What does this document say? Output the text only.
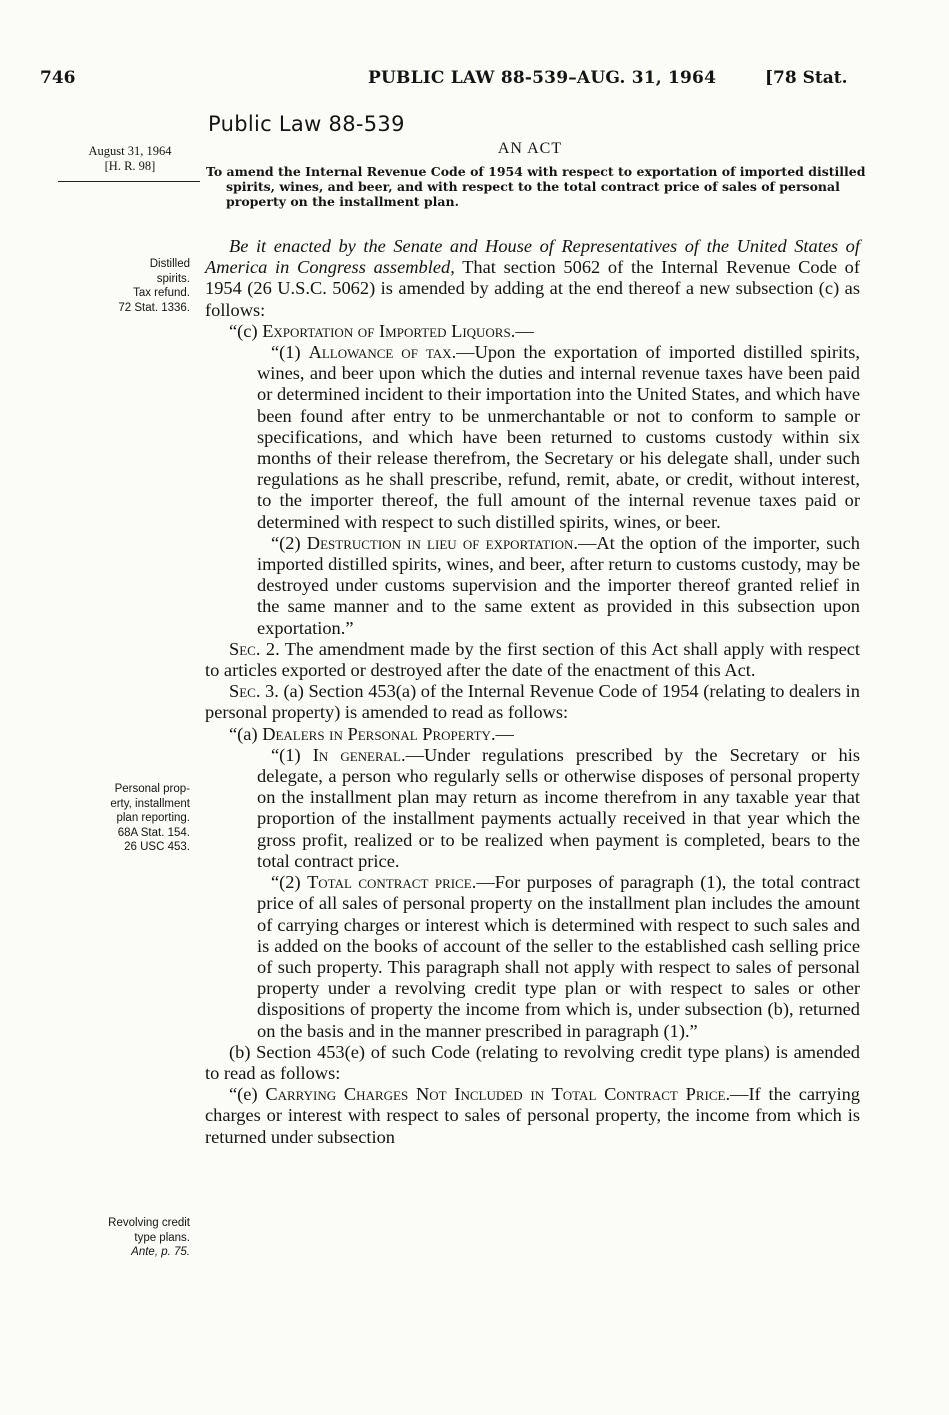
746	PUBLIC LAW 88-539–AUG. 31, 1964	[78 Stat.
Public Law 88-539
AN ACT
August 31, 1964
[H. R. 98]	To amend the Internal Revenue Code of 1954 with respect to exportation of imported distilled spirits, wines, and beer, and with respect to the total contract price of sales of personal property on the installment plan.
Distilled
spirits.
Tax refund.
72 Stat. 1336.
Personal prop-
erty, installment
plan reporting.
68A Stat. 154.
26 USC 453.
Revolving credit
type plans.
Ante, p. 75.

Be it enacted by the Senate and House of Representatives of the United States of America in Congress assembled, That section 5062 of the Internal Revenue Code of 1954 (26 U.S.C. 5062) is amended by adding at the end thereof a new subsection (c) as follows:

“(c) Exportation of Imported Liquors.—

“(1) Allowance of tax.—Upon the exportation of imported distilled spirits, wines, and beer upon which the duties and internal revenue taxes have been paid or determined incident to their importation into the United States, and which have been found after entry to be unmerchantable or not to conform to sample or specifications, and which have been returned to customs custody within six months of their release therefrom, the Secretary or his delegate shall, under such regulations as he shall prescribe, refund, remit, abate, or credit, without interest, to the importer thereof, the full amount of the internal revenue taxes paid or determined with respect to such distilled spirits, wines, or beer.

“(2) Destruction in lieu of exportation.—At the option of the importer, such imported distilled spirits, wines, and beer, after return to customs custody, may be destroyed under customs supervision and the importer thereof granted relief in the same manner and to the same extent as provided in this subsection upon exportation.”

Sec. 2. The amendment made by the first section of this Act shall apply with respect to articles exported or destroyed after the date of the enactment of this Act.

Sec. 3. (a) Section 453(a) of the Internal Revenue Code of 1954 (relating to dealers in personal property) is amended to read as follows:

“(a) Dealers in Personal Property.—

“(1) In general.—Under regulations prescribed by the Secretary or his delegate, a person who regularly sells or otherwise disposes of personal property on the installment plan may return as income therefrom in any taxable year that proportion of the installment payments actually received in that year which the gross profit, realized or to be realized when payment is completed, bears to the total contract price.

“(2) Total contract price.—For purposes of paragraph (1), the total contract price of all sales of personal property on the installment plan includes the amount of carrying charges or interest which is determined with respect to such sales and is added on the books of account of the seller to the established cash selling price of such property. This paragraph shall not apply with respect to sales of personal property under a revolving credit type plan or with respect to sales or other dispositions of property the income from which is, under subsection (b), returned on the basis and in the manner prescribed in paragraph (1).”

(b) Section 453(e) of such Code (relating to revolving credit type plans) is amended to read as follows:

“(e) Carrying Charges Not Included in Total Contract Price.—If the carrying charges or interest with respect to sales of personal property, the income from which is returned under subsection
